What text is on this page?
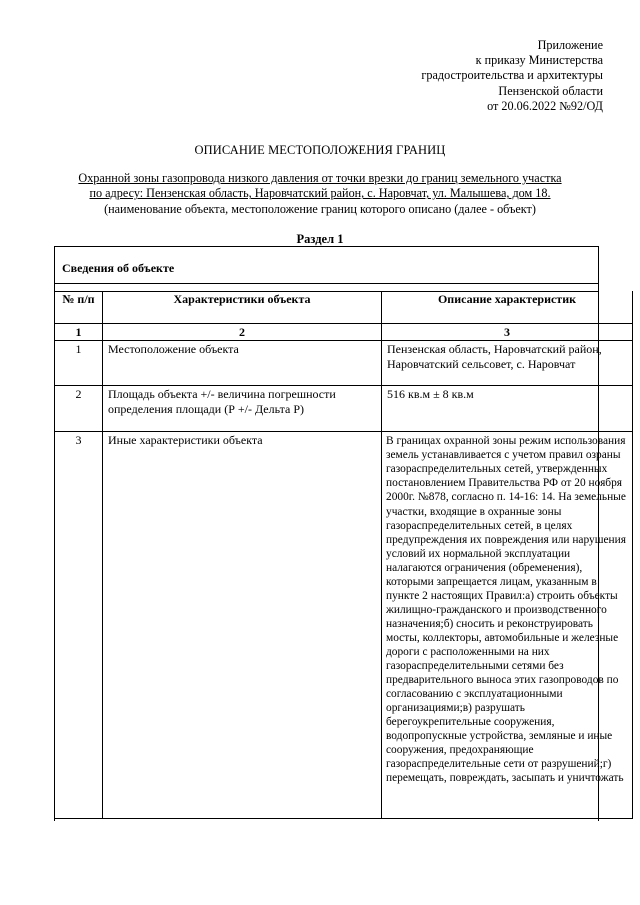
Приложение
к приказу Министерства
градостроительства и архитектуры
Пензенской области
от 20.06.2022 №92/ОД
ОПИСАНИЕ МЕСТОПОЛОЖЕНИЯ ГРАНИЦ
Охранной зоны газопровода низкого давления от точки врезки до границ земельного участка
по адресу: Пензенская область, Наровчатский район, с. Наровчат, ул. Малышева, дом 18.
(наименование объекта, местоположение границ которого описано (далее - объект)
Раздел 1
Сведения об объекте
№ п/п	Характеристики объекта	Описание характеристик
1	2	3
1	Местоположение объекта	Пензенская область, Наровчатский район, Наровчатский сельсовет, с. Наровчат
2	Площадь объекта +/- величина погрешности определения площади (Р +/- Дельта Р)	516 кв.м ± 8 кв.м
3	Иные характеристики объекта	В границах охранной зоны режим использования земель устанавливается с учетом правил озраны газораспределительных сетей, утвержденных постановлением Правительства РФ от 20 ноября 2000г. №878, согласно п. 14-16: 14. На земельные участки, входящие в охранные зоны газораспределительных сетей, в целях предупреждения их повреждения или нарушения условий их нормальной эксплуатации налагаются ограничения (обременения), которыми запрещается лицам, указанным в пункте 2 настоящих Правил:а) строить объекты жилищно-гражданского и производственного назначения;б) сносить и реконструировать мосты, коллекторы, автомобильные и железные дороги с расположенными на них газораспределительными сетями без предварительного выноса этих газопроводов по согласованию с эксплуатационными организациями;в) разрушать берегоукрепительные сооружения, водопропускные устройства, земляные и иные сооружения, предохраняющие газораспределительные сети от разрушений;г) перемещать, повреждать, засыпать и уничтожать
